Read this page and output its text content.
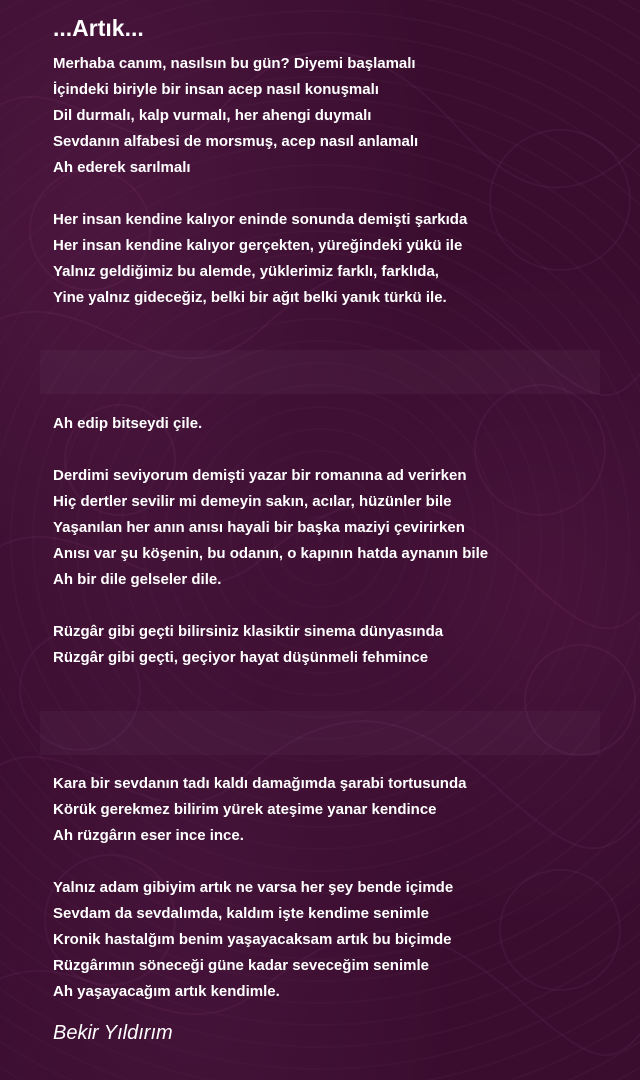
...Artık...
Merhaba canım, nasılsın bu gün? Diyemi başlamalı
İçindeki biriyle bir insan acep nasıl konuşmalı
Dil durmalı, kalp vurmalı, her ahengi duymalı
Sevdanın alfabesi de morsmuş, acep nasıl anlamalı
Ah ederek sarılmalı
Her insan kendine kalıyor eninde sonunda demişti şarkıda
Her insan kendine kalıyor gerçekten, yüreğindeki yükü ile
Yalnız geldiğimiz bu alemde, yüklerimiz farklı, farklıda,
Yine yalnız gideceğiz, belki bir ağıt belki yanık türkü ile.
Ah edip bitseydi çile.
Derdimi seviyorum demişti yazar bir romanına ad verirken
Hiç dertler sevilir mi demeyin sakın, acılar, hüzünler bile
Yaşanılan her anın anısı hayali bir başka maziyi çevirirken
Anısı var şu köşenin, bu odanın, o kapının hatda aynanın bile
Ah bir dile gelseler dile.
Rüzgâr gibi geçti bilirsiniz klasiktir sinema dünyasında
Rüzgâr gibi geçti, geçiyor hayat düşünmeli fehmince
Kara bir sevdanın tadı kaldı damağımda şarabi tortusunda
Körük gerekmez bilirim yürek ateşime yanar kendince
Ah rüzgârın eser ince ince.
Yalnız adam gibiyim artık ne varsa her şey bende içimde
Sevdam da sevdalımda, kaldım işte kendime senimle
Kronik hastalğım benim yaşayacaksam artık bu biçimde
Rüzgârımın söneceği güne kadar seveceğim senimle
Ah yaşayacağım artık kendimle.
Bekir Yıldırım
